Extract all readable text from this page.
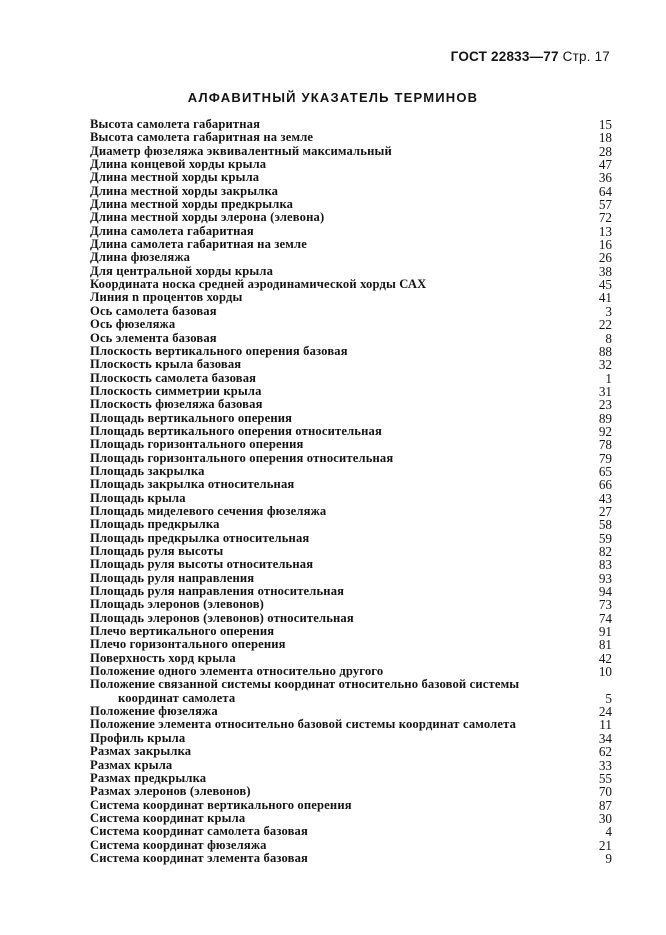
ГОСТ 22833—77 Стр. 17
АЛФАВИТНЫЙ УКАЗАТЕЛЬ ТЕРМИНОВ
Высота самолета габаритная	15
Высота самолета габаритная на земле	18
Диаметр фюзеляжа эквивалентный максимальный	28
Длина концевой хорды крыла	47
Длина местной хорды крыла	36
Длина местной хорды закрылка	64
Длина местной хорды предкрылка	57
Длина местной хорды элерона (элевона)	72
Длина самолета габаритная	13
Длина самолета габаритная на земле	16
Длина фюзеляжа	26
Для центральной хорды крыла	38
Координата носка средней аэродинамической хорды САХ	45
Линия n процентов хорды	41
Ось самолета базовая	3
Ось фюзеляжа	22
Ось элемента базовая	8
Плоскость вертикального оперения базовая	88
Плоскость крыла базовая	32
Плоскость самолета базовая	1
Плоскость симметрии крыла	31
Плоскость фюзеляжа базовая	23
Площадь вертикального оперения	89
Площадь вертикального оперения относительная	92
Площадь горизонтального оперения	78
Площадь горизонтального оперения относительная	79
Площадь закрылка	65
Площадь закрылка относительная	66
Площадь крыла	43
Площадь миделевого сечения фюзеляжа	27
Площадь предкрылка	58
Площадь предкрылка относительная	59
Площадь руля высоты	82
Площадь руля высоты относительная	83
Площадь руля направления	93
Площадь руля направления относительная	94
Площадь элеронов (элевонов)	73
Площадь элеронов (элевонов) относительная	74
Плечо вертикального оперения	91
Плечо горизонтального оперения	81
Поверхность хорд крыла	42
Положение одного элемента относительно другого	10
Положение связанной системы координат относительно базовой системы
координат самолета	5
Положение фюзеляжа	24
Положение элемента относительно базовой системы координат самолета	11
Профиль крыла	34
Размах закрылка	62
Размах крыла	33
Размах предкрылка	55
Размах элеронов (элевонов)	70
Система координат вертикального оперения	87
Система координат крыла	30
Система координат самолета базовая	4
Система координат фюзеляжа	21
Система координат элемента базовая	9
